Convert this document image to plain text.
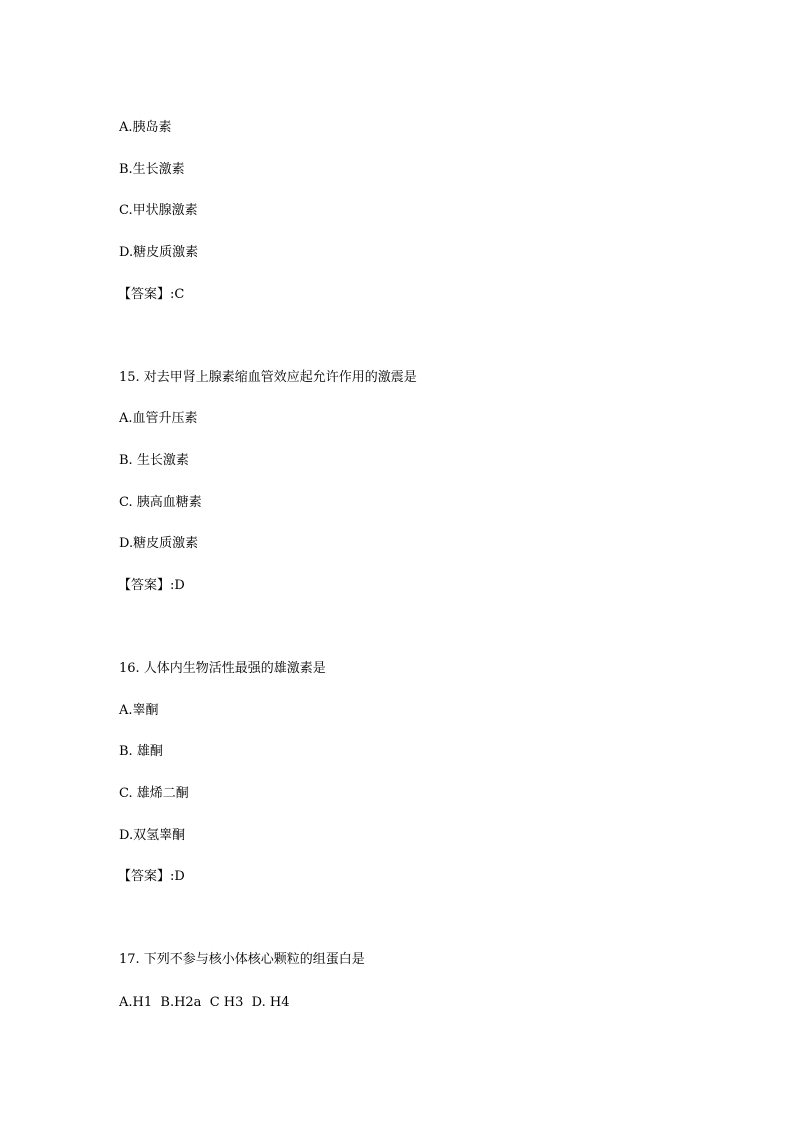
A.胰岛素
B.生长激素
C.甲状腺激素
D.糖皮质激素
【答案】:C
15. 对去甲肾上腺素缩血管效应起允许作用的激震是
A.血管升压素
B. 生长激素
C. 胰高血糖素
D.糖皮质激素
【答案】:D
16. 人体内生物活性最强的雄激素是
A.睾酮
B. 雄酮
C. 雄烯二酮
D.双氢睾酮
【答案】:D
17. 下列不参与核小体核心颗粒的组蛋白是
A.H1  B.H2a  C H3  D. H4
